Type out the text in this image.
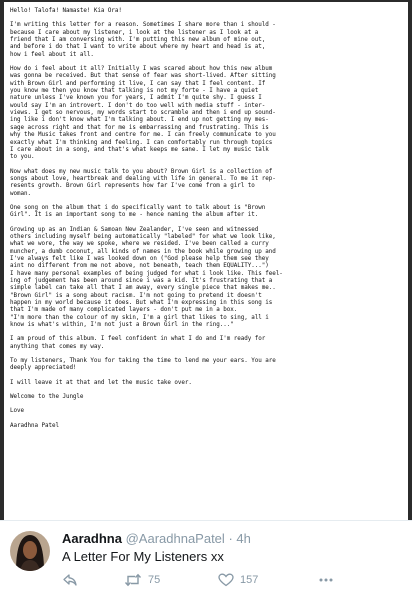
Hello! Talofa! Namaste! Kia Ora!

I'm writing this letter for a reason. Sometimes I share more than i should -
because I care about my listener, i look at the listener as I look at a
friend that I am conversing with. I'm putting this new album of mine out,
and before i do that I want to write about where my heart and head is at,
how i feel about it all.

How do i feel about it all? Initially I was scared about how this new album
was gonna be received. But that sense of fear was short-lived. After sitting
with Brown Girl and performing it live, I can say that I feel content. If
you know me then you know that talking is not my forte - I have a quiet
nature unless I've known you for years, I admit I'm quite shy. I guess I
would say I'm an introvert. I don't do too well with media stuff - inter-
views. I get so nervous, my words start to scramble and then i end up sound-
ing like i don't know what I'm talking about. I end up not getting my mes-
sage across right and that for me is embarrassing and frustrating. This is
why the Music takes front and centre for me. I can freely communicate to you
exactly what I'm thinking and feeling. I can comfortably run through topics
I care about in a song, and that's what keeps me sane. I let my music talk
to you.

Now what does my new music talk to you about? Brown Girl is a collection of
songs about love, heartbreak and dealing with life in general. To me it rep-
resents growth. Brown Girl represents how far I've come from a girl to
woman.

One song on the album that i do specifically want to talk about is "Brown
Girl". It is an important song to me - hence naming the album after it.

Growing up as an Indian & Samoan New Zealander, I've seen and witnessed
others including myself being automatically "labeled" for what we look like,
what we wore, the way we spoke, where we resided. I've been called a curry
muncher, a dumb coconut, all kinds of names in the book while growing up and
I've always felt like I was looked down on ("God please help them see they
aint no different from me not above, not beneath, teach them EQUALITY...")
I have many personal examples of being judged for what i look like. This feel-
ing of judgement has been around since i was a kid. It's frustrating that a
simple label can take all that I am away, every single piece that makes me..
"Brown Girl" is a song about racism. I'm not going to pretend it doesn't
happen in my world because it does. But what I'm expressing in this song is
that I'm made of many complicated layers - don't put me in a box.
"I'm more than the colour of my skin, I'm a girl that likes to sing, all i
know is what's within, I'm not just a Brown Girl in the ring..."

I am proud of this album. I feel confident in what I do and I'm ready for
anything that comes my way.

To my listeners, Thank You for taking the time to lend me your ears. You are
deeply appreciated!

I will leave it at that and let the music take over.

Welcome to the Jungle

Love

Aaradhna Patel

Aaradhna @AaradhnaPatel · 4h
A Letter For My Listeners xx
75	157
